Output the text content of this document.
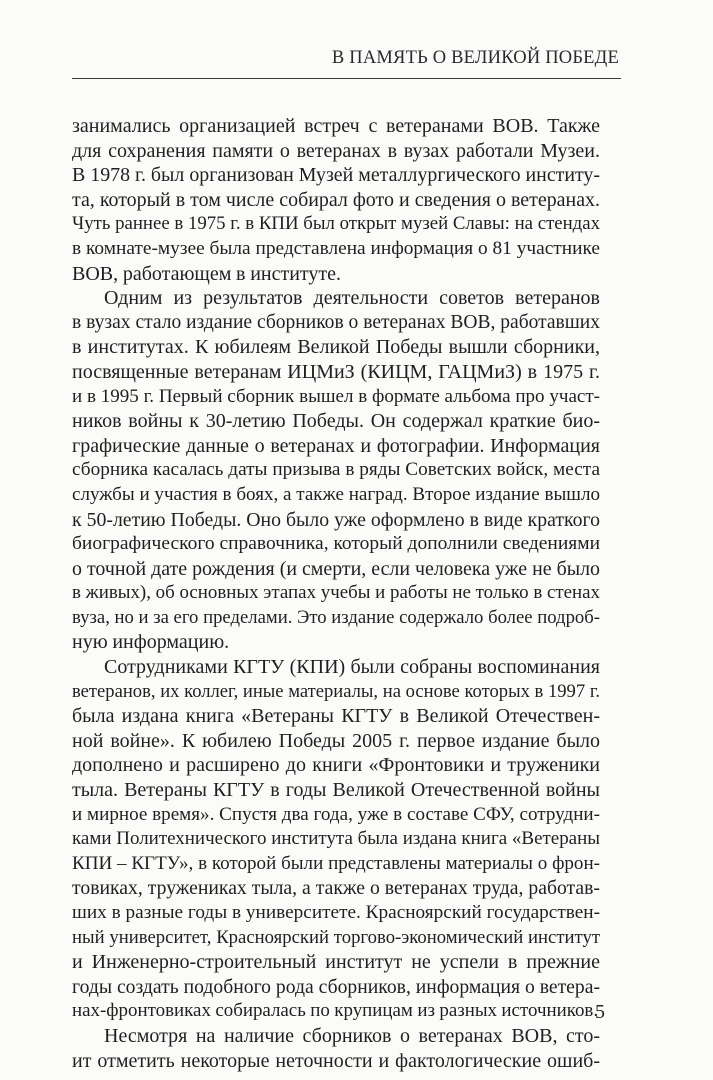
В ПАМЯТЬ О ВЕЛИКОЙ ПОБЕДЕ
занимались организацией встреч с ветеранами ВОВ. Также
для сохранения памяти о ветеранах в вузах работали Музеи.
В 1978 г. был организован Музей металлургического институ-
та, который в том числе собирал фото и сведения о ветеранах.
Чуть раннее в 1975 г. в КПИ был открыт музей Славы: на стендах
в комнате-музее была представлена информация о 81 участнике
ВОВ, работающем в институте.
Одним из результатов деятельности советов ветеранов
в вузах стало издание сборников о ветеранах ВОВ, работавших
в институтах. К юбилеям Великой Победы вышли сборники,
посвященные ветеранам ИЦМиЗ (КИЦМ, ГАЦМиЗ) в 1975 г.
и в 1995 г. Первый сборник вышел в формате альбома про участ-
ников войны к 30-летию Победы. Он содержал краткие био-
графические данные о ветеранах и фотографии. Информация
сборника касалась даты призыва в ряды Советских войск, места
службы и участия в боях, а также наград. Второе издание вышло
к 50-летию Победы. Оно было уже оформлено в виде краткого
биографического справочника, который дополнили сведениями
о точной дате рождения (и смерти, если человека уже не было
в живых), об основных этапах учебы и работы не только в стенах
вуза, но и за его пределами. Это издание содержало более подроб-
ную информацию.
Сотрудниками КГТУ (КПИ) были собраны воспоминания
ветеранов, их коллег, иные материалы, на основе которых в 1997 г.
была издана книга «Ветераны КГТУ в Великой Отечествен-
ной войне». К юбилею Победы 2005 г. первое издание было
дополнено и расширено до книги «Фронтовики и труженики
тыла. Ветераны КГТУ в годы Великой Отечественной войны
и мирное время». Спустя два года, уже в составе СФУ, сотрудни-
ками Политехнического института была издана книга «Ветераны
КПИ – КГТУ», в которой были представлены материалы о фрон-
товиках, тружениках тыла, а также о ветеранах труда, работав-
ших в разные годы в университете. Красноярский государствен-
ный университет, Красноярский торгово-экономический институт
и Инженерно-строительный институт не успели в прежние
годы создать подобного рода сборников, информация о ветера-
нах-фронтовиках собиралась по крупицам из разных источников.
Несмотря на наличие сборников о ветеранах ВОВ, сто-
ит отметить некоторые неточности и фактологические ошиб-
5
